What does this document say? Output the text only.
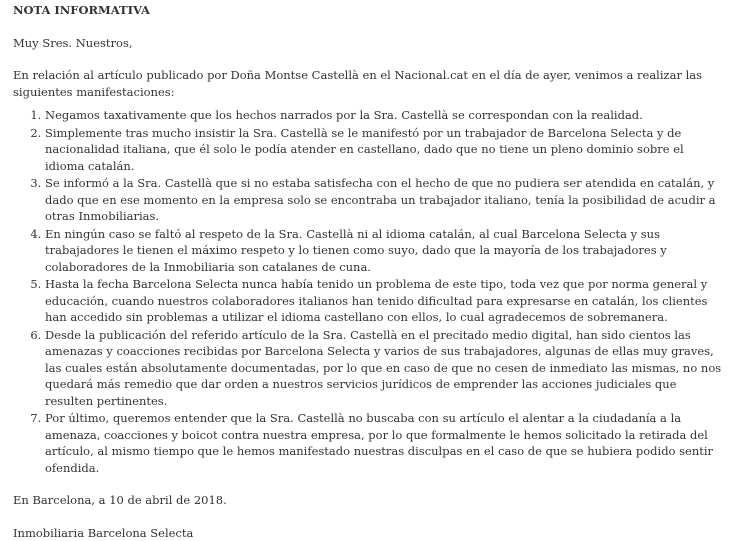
NOTA INFORMATIVA
Muy Sres. Nuestros,
En relación al artículo publicado por Doña Montse Castellà en el Nacional.cat en el día de ayer, venimos a realizar las siguientes manifestaciones:
1. Negamos taxativamente que los hechos narrados por la Sra. Castellà se correspondan con la realidad.
2. Simplemente tras mucho insistir la Sra. Castellà se le manifestó por un trabajador de Barcelona Selecta y de nacionalidad italiana, que él solo le podía atender en castellano, dado que no tiene un pleno dominio sobre el idioma catalán.
3. Se informó a la Sra. Castellà que si no estaba satisfecha con el hecho de que no pudiera ser atendida en catalán, y dado que en ese momento en la empresa solo se encontraba un trabajador italiano, tenía la posibilidad de acudir a otras Inmobiliarias.
4. En ningún caso se faltó al respeto de la Sra. Castellà ni al idioma catalán, al cual Barcelona Selecta y sus trabajadores le tienen el máximo respeto y lo tienen como suyo, dado que la mayoría de los trabajadores y colaboradores de la Inmobiliaria son catalanes de cuna.
5. Hasta la fecha Barcelona Selecta nunca había tenido un problema de este tipo, toda vez que por norma general y educación, cuando nuestros colaboradores italianos han tenido dificultad para expresarse en catalán, los clientes han accedido sin problemas a utilizar el idioma castellano con ellos, lo cual agradecemos de sobremanera.
6. Desde la publicación del referido artículo de la Sra. Castellà en el precitado medio digital, han sido cientos las amenazas y coacciones recibidas por Barcelona Selecta y varios de sus trabajadores, algunas de ellas muy graves, las cuales están absolutamente documentadas, por lo que en caso de que no cesen de inmediato las mismas, no nos quedará más remedio que dar orden a nuestros servicios jurídicos de emprender las acciones judiciales que resulten pertinentes.
7. Por último, queremos entender que la Sra. Castellà no buscaba con su artículo el alentar a la ciudadanía a la amenaza, coacciones y boicot contra nuestra empresa, por lo que formalmente le hemos solicitado la retirada del artículo, al mismo tiempo que le hemos manifestado nuestras disculpas en el caso de que se hubiera podido sentir ofendida.
En Barcelona, a 10 de abril de 2018.
Inmobiliaria Barcelona Selecta
